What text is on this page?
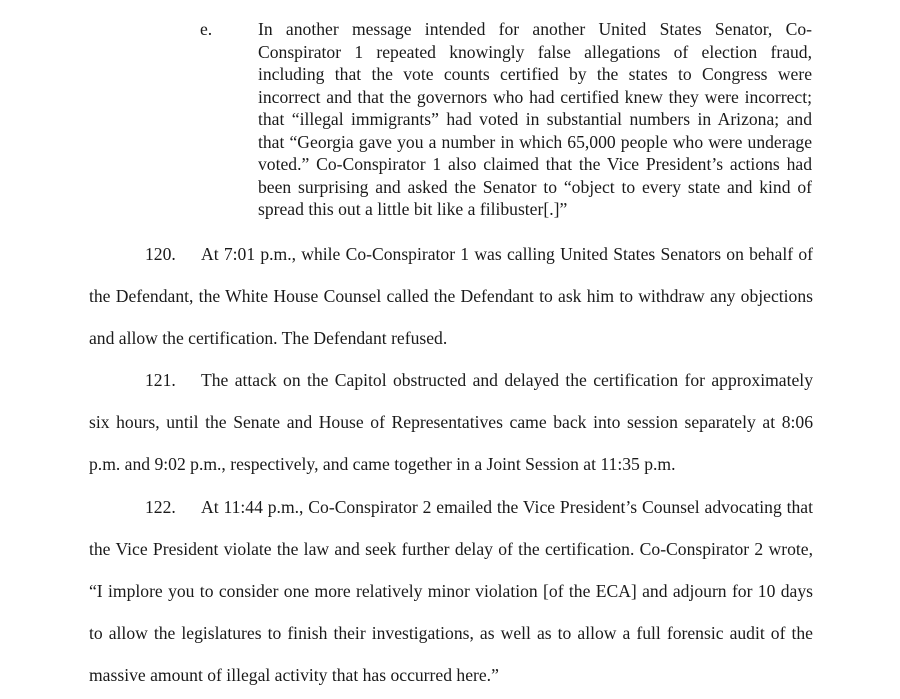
e.	In another message intended for another United States Senator, Co-Conspirator 1 repeated knowingly false allegations of election fraud, including that the vote counts certified by the states to Congress were incorrect and that the governors who had certified knew they were incorrect; that “illegal immigrants” had voted in substantial numbers in Arizona; and that “Georgia gave you a number in which 65,000 people who were underage voted.” Co-Conspirator 1 also claimed that the Vice President’s actions had been surprising and asked the Senator to “object to every state and kind of spread this out a little bit like a filibuster[.]”

120. At 7:01 p.m., while Co-Conspirator 1 was calling United States Senators on behalf of the Defendant, the White House Counsel called the Defendant to ask him to withdraw any objections and allow the certification. The Defendant refused.

121. The attack on the Capitol obstructed and delayed the certification for approximately six hours, until the Senate and House of Representatives came back into session separately at 8:06 p.m. and 9:02 p.m., respectively, and came together in a Joint Session at 11:35 p.m.

122. At 11:44 p.m., Co-Conspirator 2 emailed the Vice President’s Counsel advocating that the Vice President violate the law and seek further delay of the certification. Co-Conspirator 2 wrote, “I implore you to consider one more relatively minor violation [of the ECA] and adjourn for 10 days to allow the legislatures to finish their investigations, as well as to allow a full forensic audit of the massive amount of illegal activity that has occurred here.”
